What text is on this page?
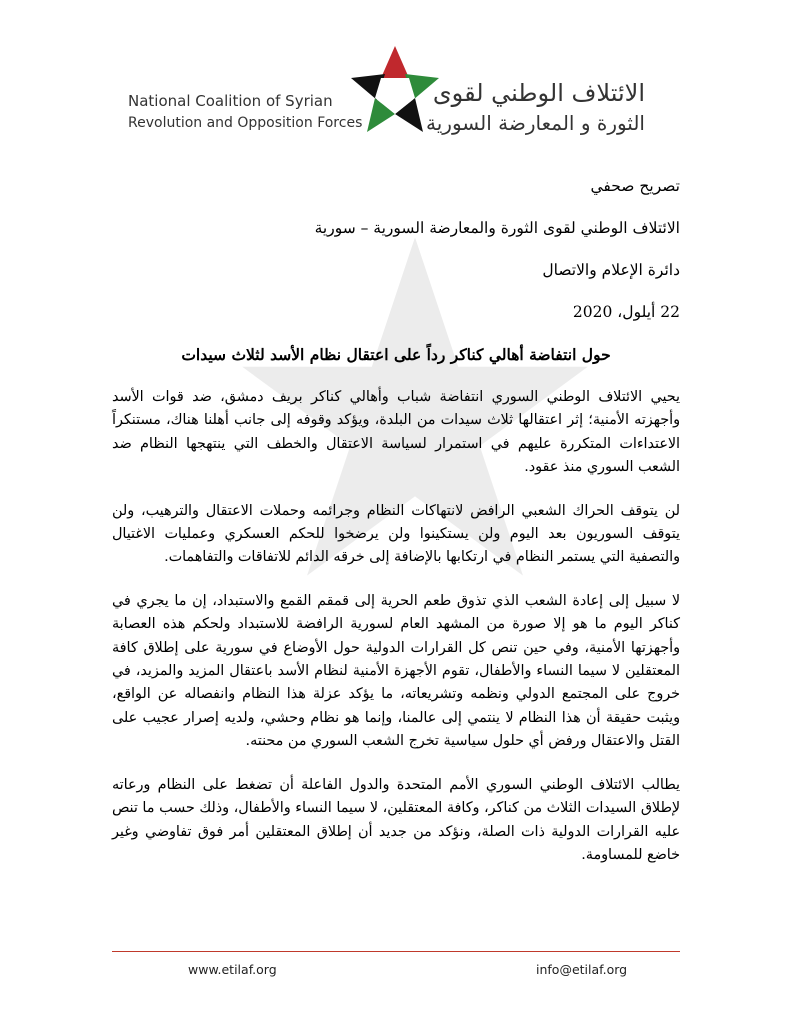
National Coalition of Syrian
Revolution and Opposition Forces
الائتلاف الوطني لقوى
الثورة و المعارضة السورية

تصريح صحفي

الائتلاف الوطني لقوى الثورة والمعارضة السورية – سورية

دائرة الإعلام والاتصال

22 أيلول، 2020

حول انتفاضة أهالي كناكر رداً على اعتقال نظام الأسد لثلاث سيدات

يحيي الائتلاف الوطني السوري انتفاضة شباب وأهالي كناكر بريف دمشق، ضد قوات الأسد وأجهزته الأمنية؛ إثر اعتقالها ثلاث سيدات من البلدة، ويؤكد وقوفه إلى جانب أهلنا هناك، مستنكراً الاعتداءات المتكررة عليهم في استمرار لسياسة الاعتقال والخطف التي ينتهجها النظام ضد الشعب السوري منذ عقود.

لن يتوقف الحراك الشعبي الرافض لانتهاكات النظام وجرائمه وحملات الاعتقال والترهيب، ولن يتوقف السوريون بعد اليوم ولن يستكينوا ولن يرضخوا للحكم العسكري وعمليات الاغتيال والتصفية التي يستمر النظام في ارتكابها بالإضافة إلى خرقه الدائم للاتفاقات والتفاهمات.

لا سبيل إلى إعادة الشعب الذي تذوق طعم الحرية إلى قمقم القمع والاستبداد، إن ما يجري في كناكر اليوم ما هو إلا صورة من المشهد العام لسورية الرافضة للاستبداد ولحكم هذه العصابة وأجهزتها الأمنية، وفي حين تنص كل القرارات الدولية حول الأوضاع في سورية على إطلاق كافة المعتقلين لا سيما النساء والأطفال، تقوم الأجهزة الأمنية لنظام الأسد باعتقال المزيد والمزيد، في خروج على المجتمع الدولي ونظمه وتشريعاته، ما يؤكد عزلة هذا النظام وانفصاله عن الواقع، ويثبت حقيقة أن هذا النظام لا ينتمي إلى عالمنا، وإنما هو نظام وحشي، ولديه إصرار عجيب على القتل والاعتقال ورفض أي حلول سياسية تخرج الشعب السوري من محنته.

يطالب الائتلاف الوطني السوري الأمم المتحدة والدول الفاعلة أن تضغط على النظام ورعاته لإطلاق السيدات الثلاث من كناكر، وكافة المعتقلين، لا سيما النساء والأطفال، وذلك حسب ما تنص عليه القرارات الدولية ذات الصلة، ونؤكد من جديد أن إطلاق المعتقلين أمر فوق تفاوضي وغير خاضع للمساومة.

www.etilaf.org	info@etilaf.org
